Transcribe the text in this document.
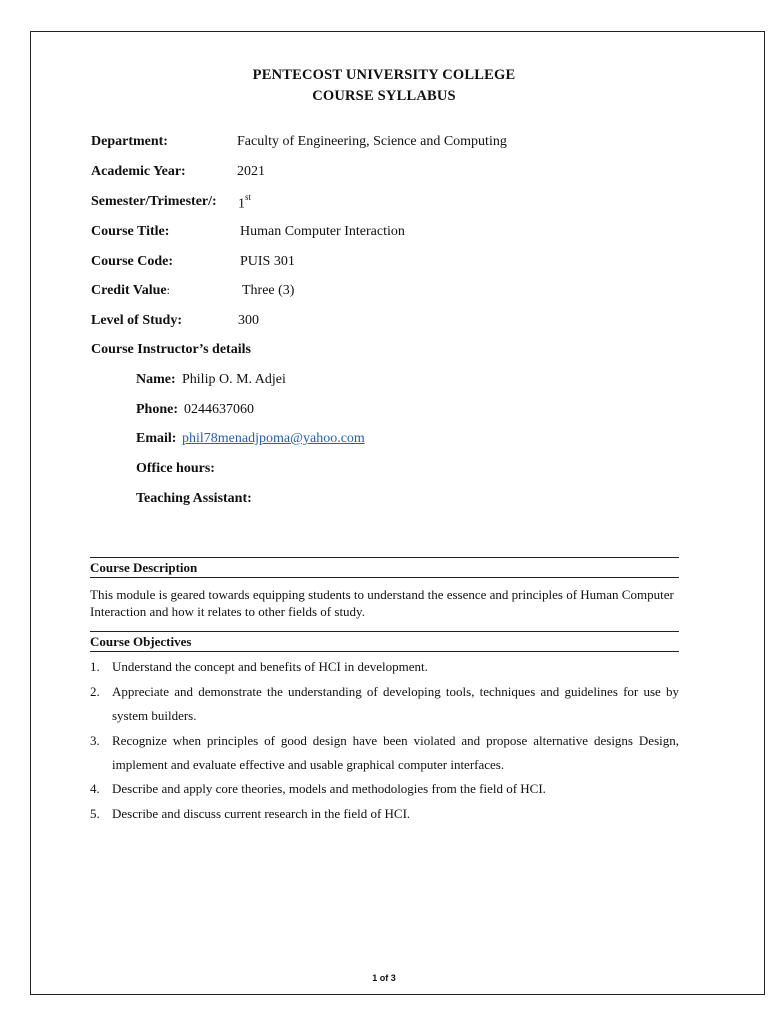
PENTECOST UNIVERSITY COLLEGE
COURSE SYLLABUS
Department:	Faculty of Engineering, Science and Computing
Academic Year:	2021
Semester/Trimester/: 1st
Course Title:	Human Computer Interaction
Course Code:	PUIS 301
Credit Value:	Three (3)
Level of Study:	300
Course Instructor’s details
Name: Philip O. M. Adjei
Phone: 0244637060
Email: phil78menadjpoma@yahoo.com
Office hours:
Teaching Assistant:
Course Description
This module is geared towards equipping students to understand the essence and principles of Human Computer Interaction and how it relates to other fields of study.
Course Objectives
1. Understand the concept and benefits of HCI in development.
2. Appreciate and demonstrate the understanding of developing tools, techniques and guidelines for use by system builders.
3. Recognize when principles of good design have been violated and propose alternative designs Design, implement and evaluate effective and usable graphical computer interfaces.
4. Describe and apply core theories, models and methodologies from the field of HCI.
5. Describe and discuss current research in the field of HCI.
1 of 3
